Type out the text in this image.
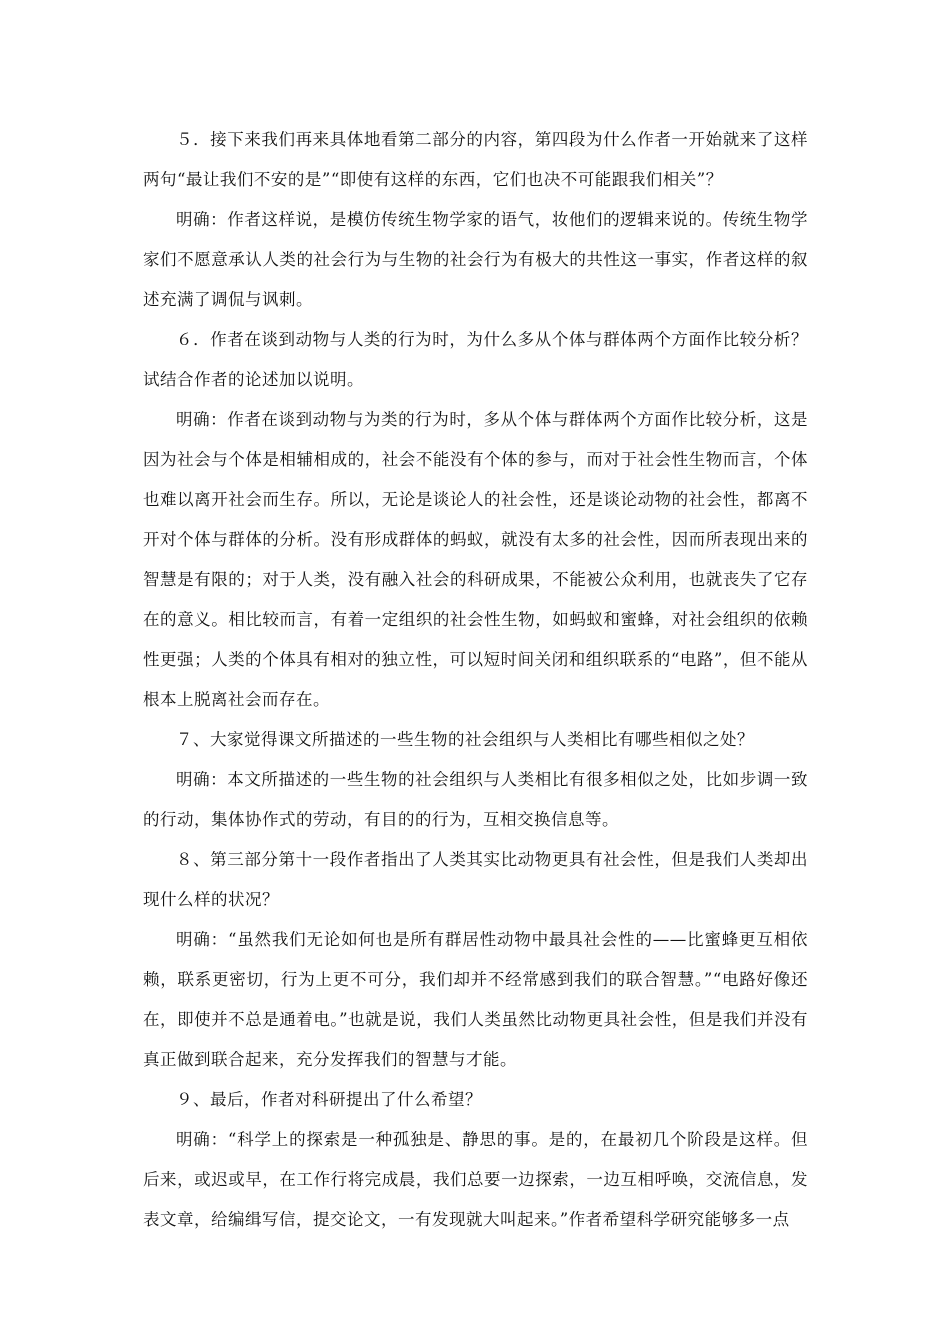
５．接下来我们再来具体地看第二部分的内容，第四段为什么作者一开始就来了这样两句“最让我们不安的是”“即使有这样的东西，它们也决不可能跟我们相关”？

明确：作者这样说，是模仿传统生物学家的语气，妆他们的逻辑来说的。传统生物学家们不愿意承认人类的社会行为与生物的社会行为有极大的共性这一事实，作者这样的叙述充满了调侃与讽刺。

６．作者在谈到动物与人类的行为时，为什么多从个体与群体两个方面作比较分析？试结合作者的论述加以说明。

明确：作者在谈到动物与为类的行为时，多从个体与群体两个方面作比较分析，这是因为社会与个体是相辅相成的，社会不能没有个体的参与，而对于社会性生物而言，个体也难以离开社会而生存。所以，无论是谈论人的社会性，还是谈论动物的社会性，都离不开对个体与群体的分析。没有形成群体的蚂蚁，就没有太多的社会性，因而所表现出来的智慧是有限的；对于人类，没有融入社会的科研成果，不能被公众利用，也就丧失了它存在的意义。相比较而言，有着一定组织的社会性生物，如蚂蚁和蜜蜂，对社会组织的依赖性更强；人类的个体具有相对的独立性，可以短时间关闭和组织联系的“电路”，但不能从根本上脱离社会而存在。

７、大家觉得课文所描述的一些生物的社会组织与人类相比有哪些相似之处？

明确：本文所描述的一些生物的社会组织与人类相比有很多相似之处，比如步调一致的行动，集体协作式的劳动，有目的的行为，互相交换信息等。

８、第三部分第十一段作者指出了人类其实比动物更具有社会性，但是我们人类却出现什么样的状况？

明确：“虽然我们无论如何也是所有群居性动物中最具社会性的——比蜜蜂更互相依赖，联系更密切，行为上更不可分，我们却并不经常感到我们的联合智慧。”“电路好像还在，即使并不总是通着电。”也就是说，我们人类虽然比动物更具社会性，但是我们并没有真正做到联合起来，充分发挥我们的智慧与才能。

９、最后，作者对科研提出了什么希望？

明确：“科学上的探索是一种孤独是、静思的事。是的，在最初几个阶段是这样。但后来，或迟或早，在工作行将完成晨，我们总要一边探索，一边互相呼唤，交流信息，发表文章，给编缉写信，提交论文，一有发现就大叫起来。”作者希望科学研究能够多一点
